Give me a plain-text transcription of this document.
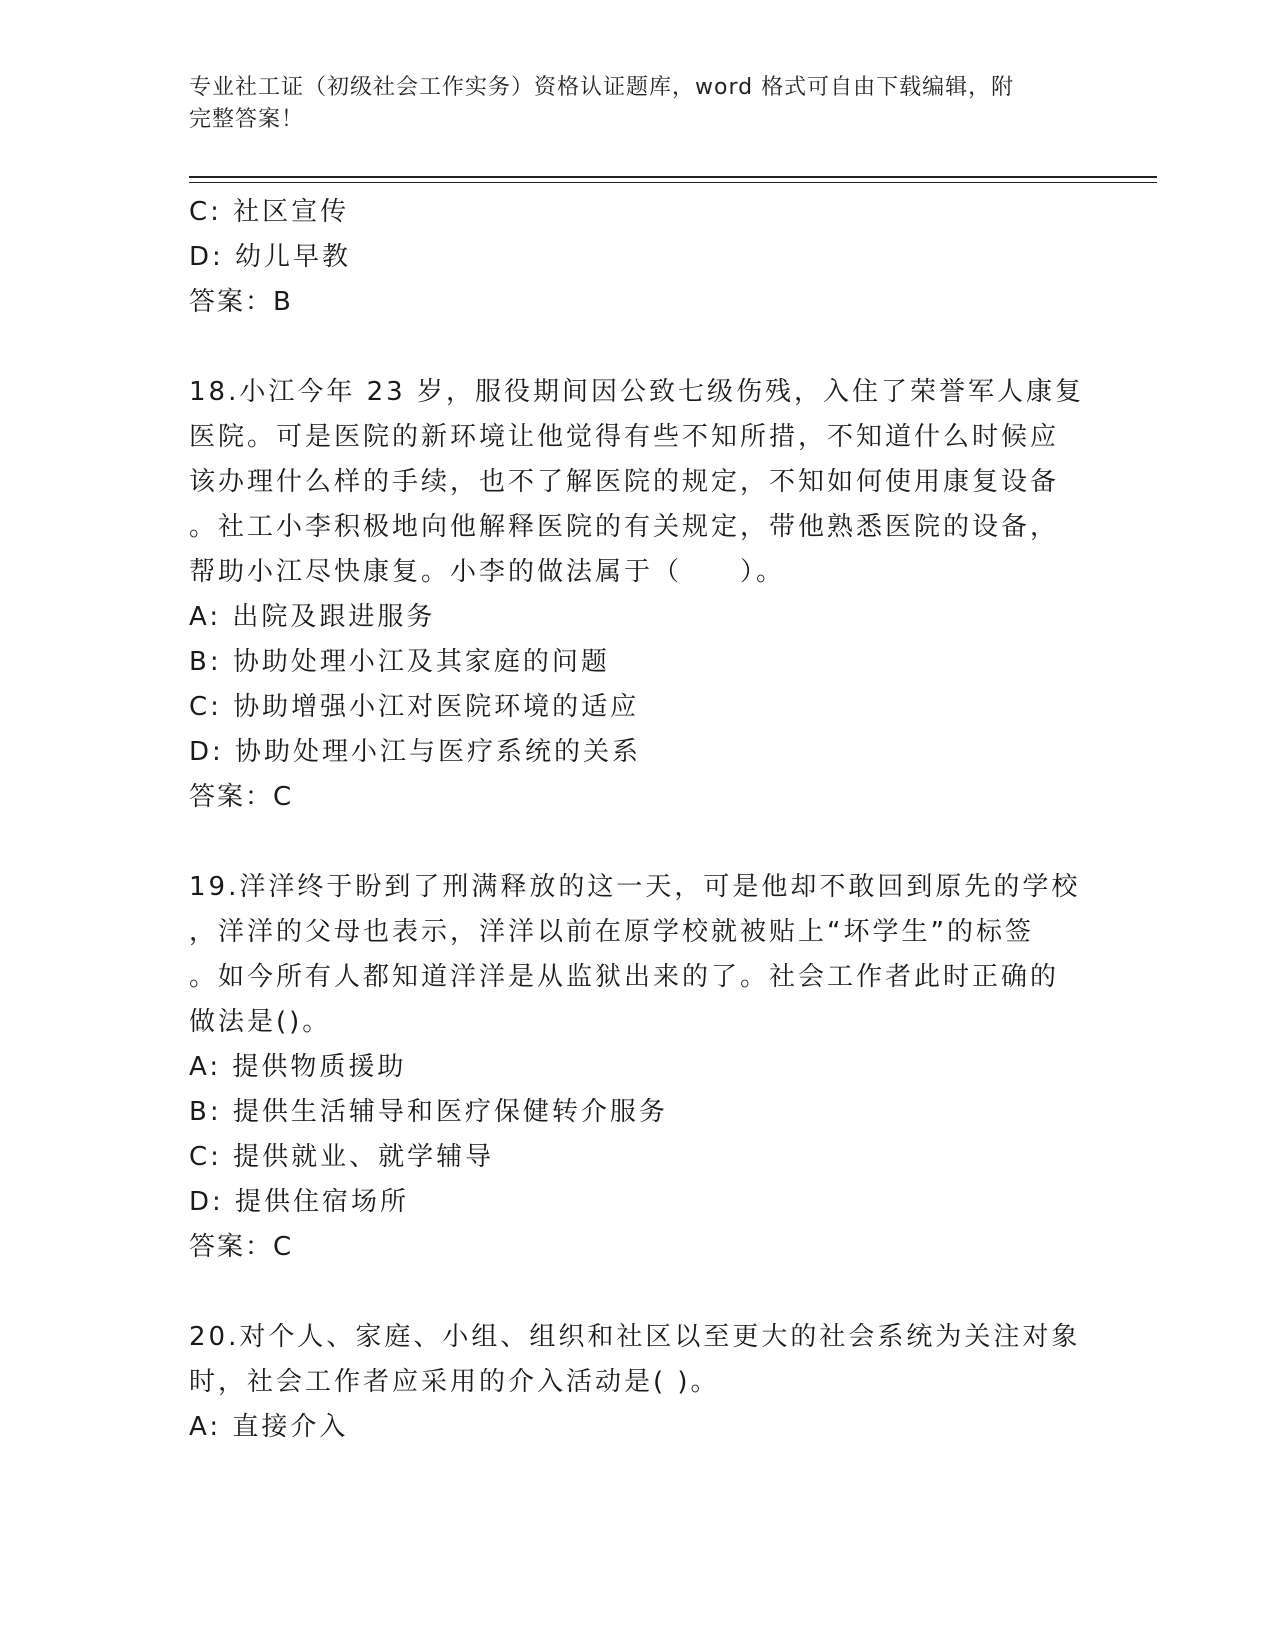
专业社工证（初级社会工作实务）资格认证题库，word 格式可自由下载编辑，附
完整答案！
C: 社区宣传
D: 幼儿早教
答案：B
18.小江今年 23 岁，服役期间因公致七级伤残，入住了荣誉军人康复
医院。可是医院的新环境让他觉得有些不知所措，不知道什么时候应
该办理什么样的手续，也不了解医院的规定，不知如何使用康复设备
。社工小李积极地向他解释医院的有关规定，带他熟悉医院的设备，
帮助小江尽快康复。小李的做法属于（　　）。
A: 出院及跟进服务
B: 协助处理小江及其家庭的问题
C: 协助增强小江对医院环境的适应
D: 协助处理小江与医疗系统的关系
答案：C
19.洋洋终于盼到了刑满释放的这一天，可是他却不敢回到原先的学校
，洋洋的父母也表示，洋洋以前在原学校就被贴上“坏学生”的标签
。如今所有人都知道洋洋是从监狱出来的了。社会工作者此时正确的
做法是()。
A: 提供物质援助
B: 提供生活辅导和医疗保健转介服务
C: 提供就业、就学辅导
D: 提供住宿场所
答案：C
20.对个人、家庭、小组、组织和社区以至更大的社会系统为关注对象
时，社会工作者应采用的介入活动是( )。
A: 直接介入
